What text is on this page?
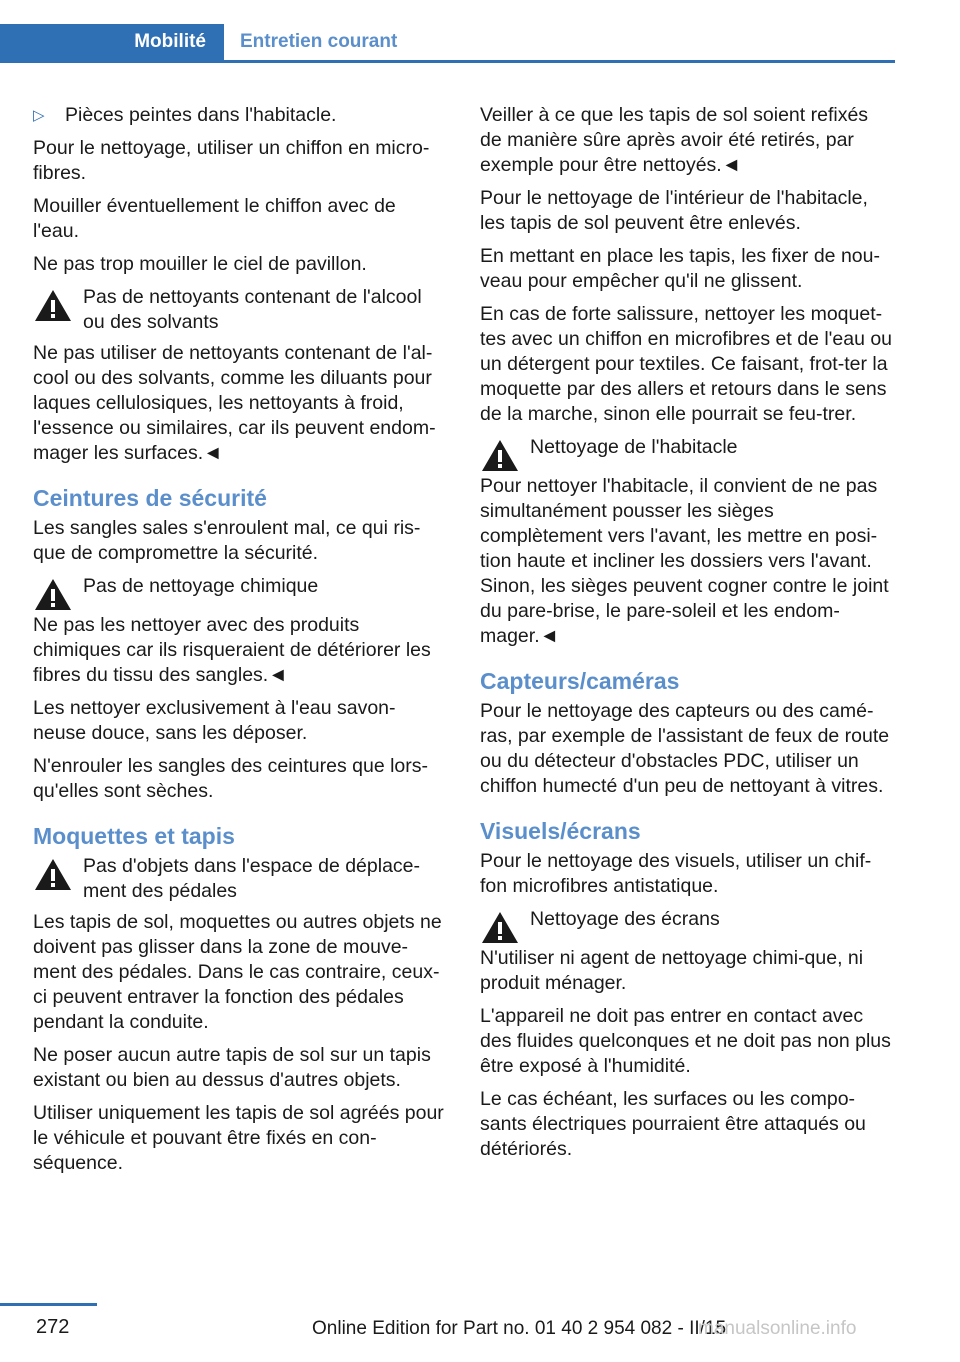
Mobilité	Entretien courant
▷	Pièces peintes dans l'habitacle.

Pour le nettoyage, utiliser un chiffon en micro-fibres.

Mouiller éventuellement le chiffon avec de l'eau.

Ne pas trop mouiller le ciel de pavillon.

Pas de nettoyants contenant de l'alcool ou des solvants

Ne pas utiliser de nettoyants contenant de l'al-cool ou des solvants, comme les diluants pour laques cellulosiques, les nettoyants à froid, l'essence ou similaires, car ils peuvent endom-mager les surfaces.◄

Ceintures de sécurité

Les sangles sales s'enroulent mal, ce qui ris-que de compromettre la sécurité.

Pas de nettoyage chimique

Ne pas les nettoyer avec des produits chimiques car ils risqueraient de détériorer les fibres du tissu des sangles.◄

Les nettoyer exclusivement à l'eau savon-neuse douce, sans les déposer.

N'enrouler les sangles des ceintures que lors-qu'elles sont sèches.

Moquettes et tapis

Pas d'objets dans l'espace de déplace-ment des pédales

Les tapis de sol, moquettes ou autres objets ne doivent pas glisser dans la zone de mouve-ment des pédales. Dans le cas contraire, ceux-ci peuvent entraver la fonction des pédales pendant la conduite.

Ne poser aucun autre tapis de sol sur un tapis existant ou bien au dessus d'autres objets.

Utiliser uniquement les tapis de sol agréés pour le véhicule et pouvant être fixés en con-séquence.

Veiller à ce que les tapis de sol soient refixés de manière sûre après avoir été retirés, par exemple pour être nettoyés.◄

Pour le nettoyage de l'intérieur de l'habitacle, les tapis de sol peuvent être enlevés.

En mettant en place les tapis, les fixer de nou-veau pour empêcher qu'il ne glissent.

En cas de forte salissure, nettoyer les moquet-tes avec un chiffon en microfibres et de l'eau ou un détergent pour textiles. Ce faisant, frot-ter la moquette par des allers et retours dans le sens de la marche, sinon elle pourrait se feu-trer.

Nettoyage de l'habitacle

Pour nettoyer l'habitacle, il convient de ne pas simultanément pousser les sièges complètement vers l'avant, les mettre en posi-tion haute et incliner les dossiers vers l'avant. Sinon, les sièges peuvent cogner contre le joint du pare-brise, le pare-soleil et les endom-mager.◄

Capteurs/caméras

Pour le nettoyage des capteurs ou des camé-ras, par exemple de l'assistant de feux de route ou du détecteur d'obstacles PDC, utiliser un chiffon humecté d'un peu de nettoyant à vitres.

Visuels/écrans

Pour le nettoyage des visuels, utiliser un chif-fon microfibres antistatique.

Nettoyage des écrans

N'utiliser ni agent de nettoyage chimi-que, ni produit ménager.

L'appareil ne doit pas entrer en contact avec des fluides quelconques et ne doit pas non plus être exposé à l'humidité.

Le cas échéant, les surfaces ou les compo-sants électriques pourraient être attaqués ou détériorés.

272	Online Edition for Part no. 01 40 2 954 082 - II/15
manualsonline.info
